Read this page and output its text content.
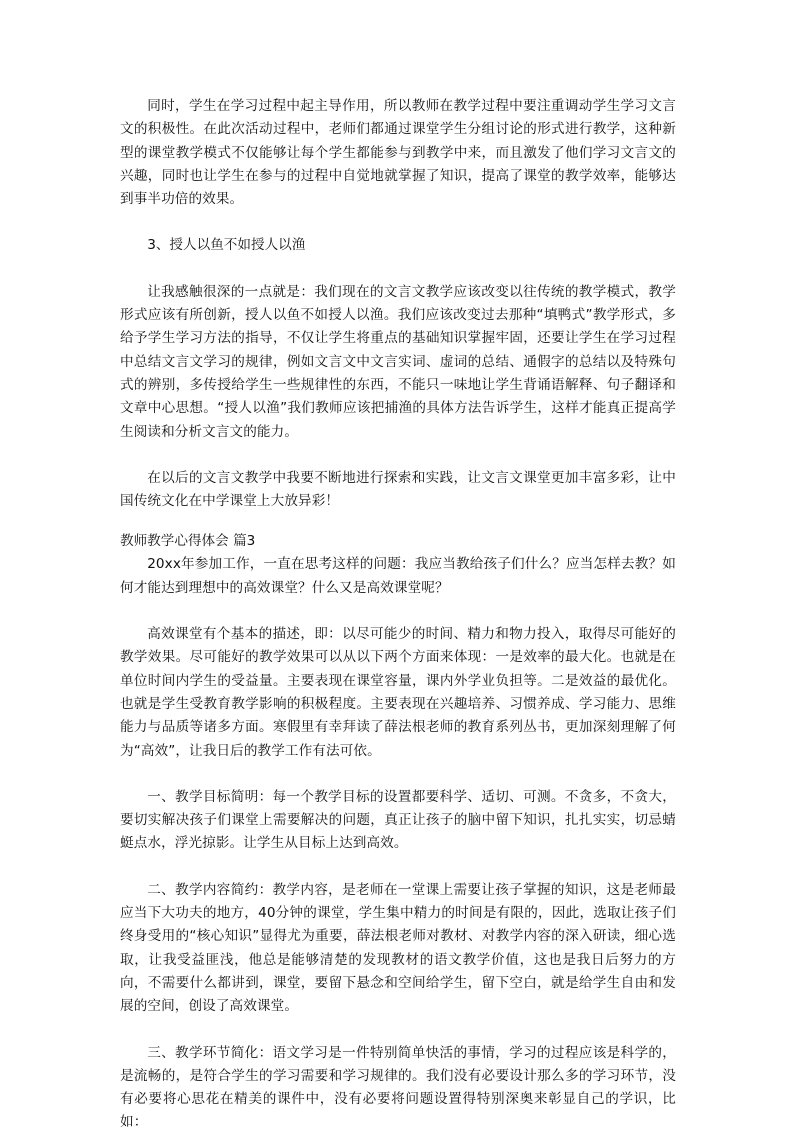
同时，学生在学习过程中起主导作用，所以教师在教学过程中要注重调动学生学习文言文的积极性。在此次活动过程中，老师们都通过课堂学生分组讨论的形式进行教学，这种新型的课堂教学模式不仅能够让每个学生都能参与到教学中来，而且激发了他们学习文言文的兴趣，同时也让学生在参与的过程中自觉地就掌握了知识，提高了课堂的教学效率，能够达到事半功倍的效果。

3、授人以鱼不如授人以渔

让我感触很深的一点就是：我们现在的文言文教学应该改变以往传统的教学模式，教学形式应该有所创新，授人以鱼不如授人以渔。我们应该改变过去那种“填鸭式”教学形式，多给予学生学习方法的指导，不仅让学生将重点的基础知识掌握牢固，还要让学生在学习过程中总结文言文学习的规律，例如文言文中文言实词、虚词的总结、通假字的总结以及特殊句式的辨别，多传授给学生一些规律性的东西，不能只一味地让学生背诵语解释、句子翻译和文章中心思想。“授人以渔”我们教师应该把捕渔的具体方法告诉学生，这样才能真正提高学生阅读和分析文言文的能力。

在以后的文言文教学中我要不断地进行探索和实践，让文言文课堂更加丰富多彩，让中国传统文化在中学课堂上大放异彩！

教师教学心得体会 篇3

20xx年参加工作，一直在思考这样的问题：我应当教给孩子们什么？应当怎样去教？如何才能达到理想中的高效课堂？什么又是高效课堂呢？

高效课堂有个基本的描述，即：以尽可能少的时间、精力和物力投入，取得尽可能好的教学效果。尽可能好的教学效果可以从以下两个方面来体现：一是效率的最大化。也就是在单位时间内学生的受益量。主要表现在课堂容量，课内外学业负担等。二是效益的最优化。也就是学生受教育教学影响的积极程度。主要表现在兴趣培养、习惯养成、学习能力、思维能力与品质等诸多方面。寒假里有幸拜读了薛法根老师的教育系列丛书，更加深刻理解了何为“高效”，让我日后的教学工作有法可依。

一、教学目标简明：每一个教学目标的设置都要科学、适切、可测。不贪多，不贪大，要切实解决孩子们课堂上需要解决的问题，真正让孩子的脑中留下知识，扎扎实实，切忌蜻蜓点水，浮光掠影。让学生从目标上达到高效。

二、教学内容简约：教学内容，是老师在一堂课上需要让孩子掌握的知识，这是老师最应当下大功夫的地方，40分钟的课堂，学生集中精力的时间是有限的，因此，选取让孩子们终身受用的“核心知识”显得尤为重要，薛法根老师对教材、对教学内容的深入研读，细心选取，让我受益匪浅，他总是能够清楚的发现教材的语文教学价值，这也是我日后努力的方向，不需要什么都讲到，课堂，要留下悬念和空间给学生，留下空白，就是给学生自由和发展的空间，创设了高效课堂。

三、教学环节简化：语文学习是一件特别简单快活的事情，学习的过程应该是科学的，是流畅的，是符合学生的学习需要和学习规律的。我们没有必要设计那么多的学习环节，没有必要将心思花在精美的课件中，没有必要将问题设置得特别深奥来彰显自己的学识，比如：
